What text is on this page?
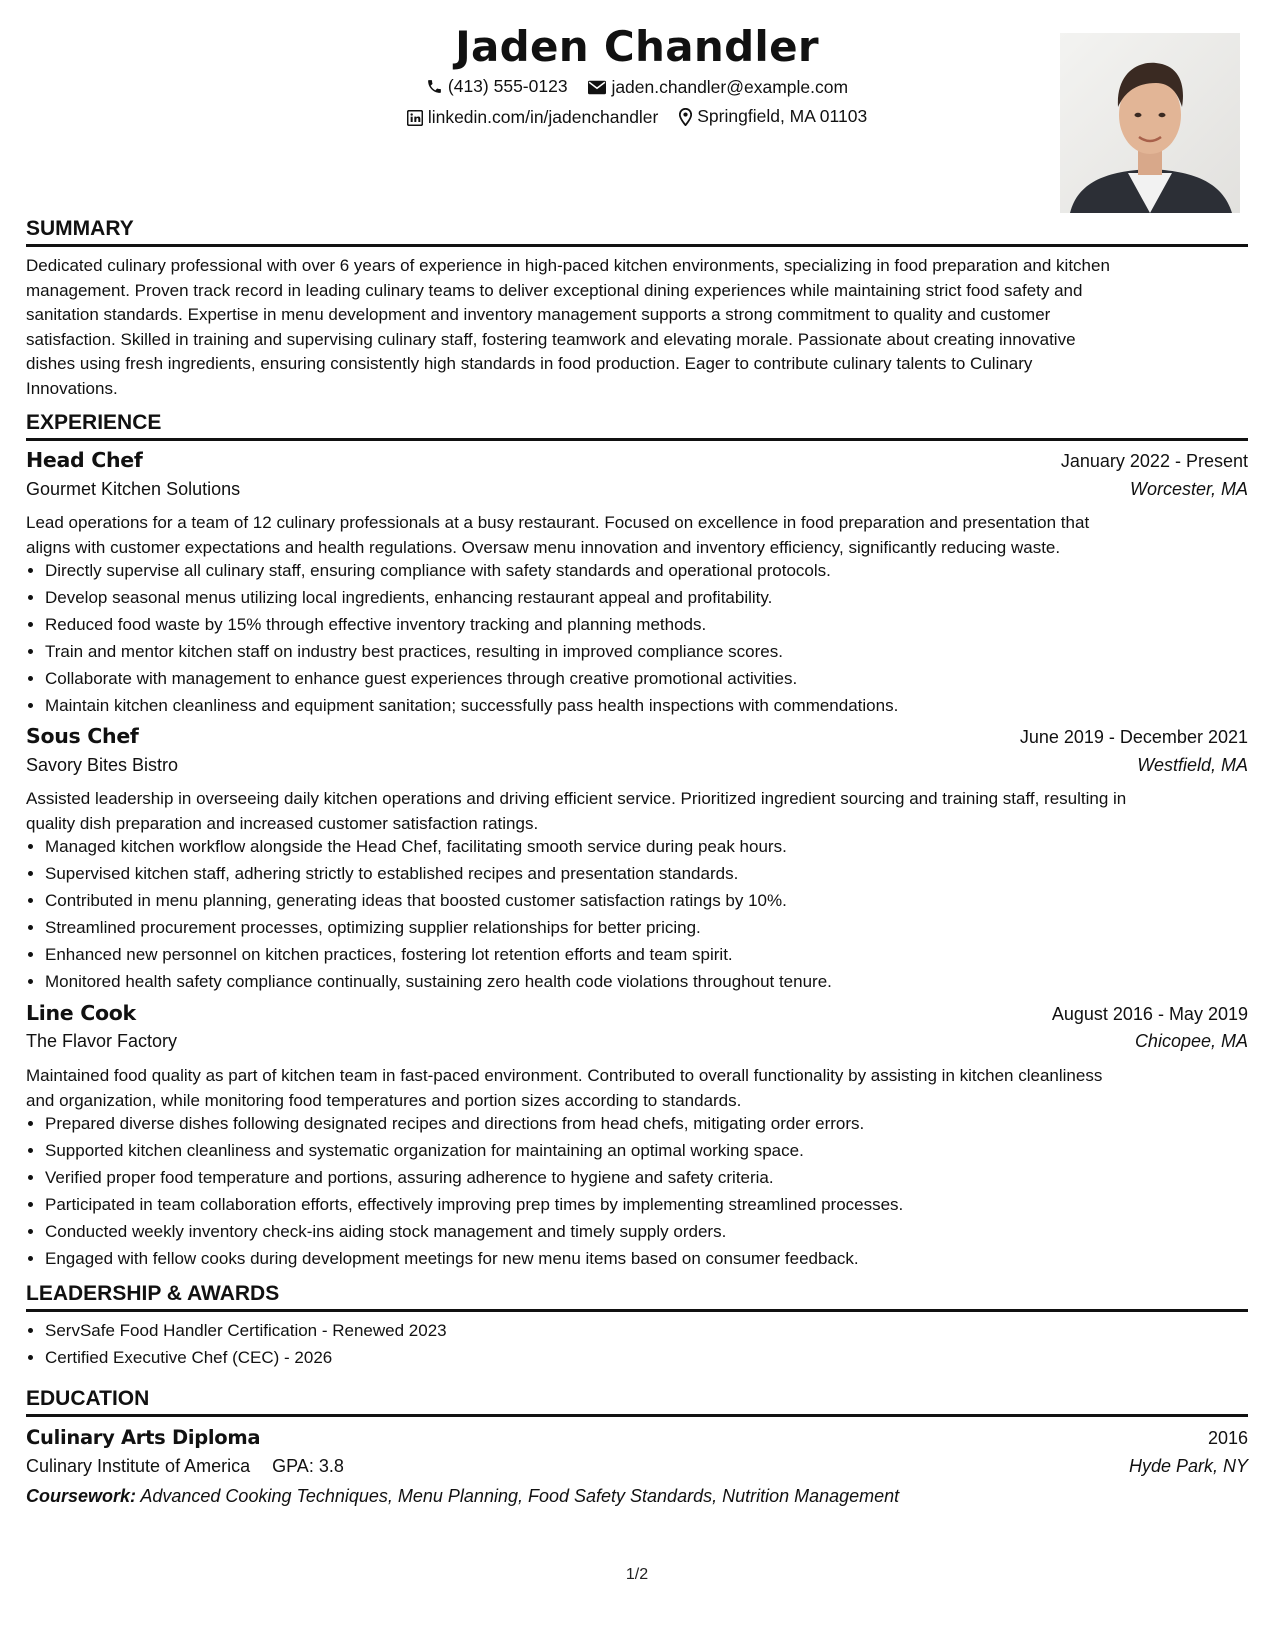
Jaden Chandler
(413) 555-0123
	jaden.chandler@example.com
linkedin.com/in/jadenchandler
Springfield, MA 01103
SUMMARY
Dedicated culinary professional with over 6 years of experience in high-paced kitchen environments, specializing in food preparation and kitchen
management. Proven track record in leading culinary teams to deliver exceptional dining experiences while maintaining strict food safety and
sanitation standards. Expertise in menu development and inventory management supports a strong commitment to quality and customer
satisfaction. Skilled in training and supervising culinary staff, fostering teamwork and elevating morale. Passionate about creating innovative
dishes using fresh ingredients, ensuring consistently high standards in food production. Eager to contribute culinary talents to Culinary
Innovations.
EXPERIENCE
Head Chef	January 2022 - Present
Gourmet Kitchen Solutions	Worcester, MA
Lead operations for a team of 12 culinary professionals at a busy restaurant. Focused on excellence in food preparation and presentation that
aligns with customer expectations and health regulations. Oversaw menu innovation and inventory efficiency, significantly reducing waste.
• Directly supervise all culinary staff, ensuring compliance with safety standards and operational protocols.
• Develop seasonal menus utilizing local ingredients, enhancing restaurant appeal and profitability.
• Reduced food waste by 15% through effective inventory tracking and planning methods.
• Train and mentor kitchen staff on industry best practices, resulting in improved compliance scores.
• Collaborate with management to enhance guest experiences through creative promotional activities.
• Maintain kitchen cleanliness and equipment sanitation; successfully pass health inspections with commendations.
Sous Chef	June 2019 - December 2021
Savory Bites Bistro	Westfield, MA
Assisted leadership in overseeing daily kitchen operations and driving efficient service. Prioritized ingredient sourcing and training staff, resulting in
quality dish preparation and increased customer satisfaction ratings.
• Managed kitchen workflow alongside the Head Chef, facilitating smooth service during peak hours.
• Supervised kitchen staff, adhering strictly to established recipes and presentation standards.
• Contributed in menu planning, generating ideas that boosted customer satisfaction ratings by 10%.
• Streamlined procurement processes, optimizing supplier relationships for better pricing.
• Enhanced new personnel on kitchen practices, fostering lot retention efforts and team spirit.
• Monitored health safety compliance continually, sustaining zero health code violations throughout tenure.
Line Cook	August 2016 - May 2019
The Flavor Factory	Chicopee, MA
Maintained food quality as part of kitchen team in fast-paced environment. Contributed to overall functionality by assisting in kitchen cleanliness
and organization, while monitoring food temperatures and portion sizes according to standards.
• Prepared diverse dishes following designated recipes and directions from head chefs, mitigating order errors.
• Supported kitchen cleanliness and systematic organization for maintaining an optimal working space.
• Verified proper food temperature and portions, assuring adherence to hygiene and safety criteria.
• Participated in team collaboration efforts, effectively improving prep times by implementing streamlined processes.
• Conducted weekly inventory check-ins aiding stock management and timely supply orders.
• Engaged with fellow cooks during development meetings for new menu items based on consumer feedback.
LEADERSHIP & AWARDS
• ServSafe Food Handler Certification - Renewed 2023
• Certified Executive Chef (CEC) - 2026
EDUCATION
Culinary Arts Diploma	2016
Culinary Institute of America GPA: 3.8	Hyde Park, NY
Coursework: Advanced Cooking Techniques, Menu Planning, Food Safety Standards, Nutrition Management
1/2
